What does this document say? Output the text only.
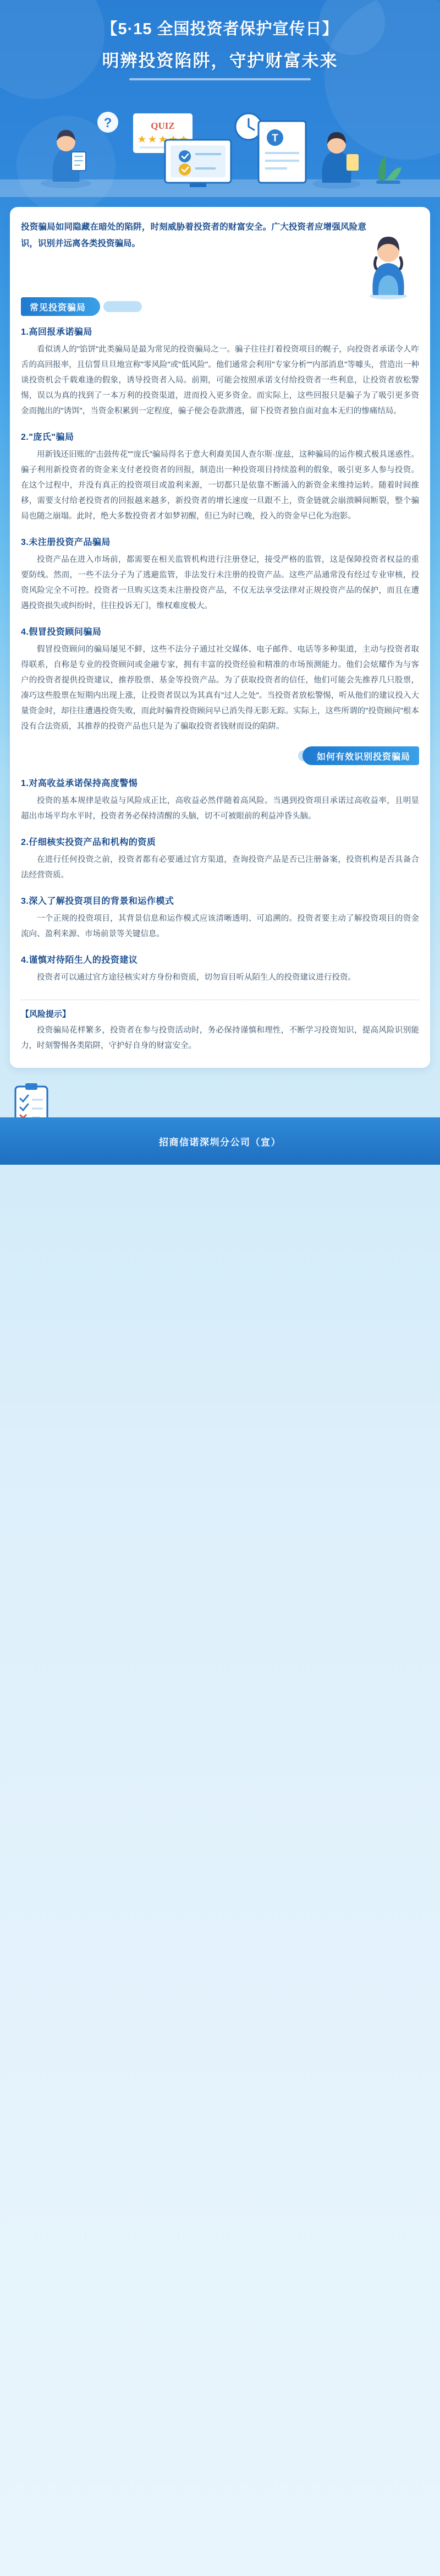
【5·15 全国投资者保护宣传日】
明辨投资陷阱，守护财富未来
?	QUIZ
T
投资骗局如同隐藏在暗处的陷阱，时刻威胁着投资者的财富安全。广大投资者应增强风险意识，识别并远离各类投资骗局。
常见投资骗局
1.高回报承诺骗局

看似诱人的"馅饼"此类骗局是最为常见的投资骗局之一。骗子往往打着投资项目的幌子，向投资者承诺令人咋舌的高回报率，且信誓旦旦地宣称"零风险"或"低风险"。他们通常会利用"专家分析""内部消息"等噱头，营造出一种谈投资机会千载难逢的假象，诱导投资者入局。前期，可能会按照承诺支付给投资者一些利息，让投资者放松警惕，误以为真的找到了一本万利的投资渠道，进而投入更多资金。而实际上，这些回报只是骗子为了吸引更多资金而抛出的"诱饵"，当资金积累到一定程度，骗子便会卷款潜逃，留下投资者独自面对血本无归的惨痛结局。

2."庞氏"骗局

用新钱还旧账的"击鼓传花""庞氏"骗局得名于意大利裔美国人查尔斯·庞兹，这种骗局的运作模式极具迷惑性。骗子利用新投资者的资金来支付老投资者的回报，制造出一种投资项目持续盈利的假象，吸引更多人参与投资。在这个过程中，并没有真正的投资项目或盈利来源，一切都只是依靠不断涌入的新资金来维持运转。随着时间推移，需要支付给老投资者的回报越来越多，新投资者的增长速度一旦跟不上，资金链就会崩溃瞬间断裂，整个骗局也随之崩塌。此时，绝大多数投资者才如梦初醒，但已为时已晚，投入的资金早已化为泡影。

3.未注册投资产品骗局

投资产品在进入市场前，都需要在相关监管机构进行注册登记，接受严格的监管，这是保障投资者权益的重要防线。然而，一些不法分子为了逃避监管，非法发行未注册的投资产品。这些产品通常没有经过专业审核，投资风险完全不可控。投资者一旦购买这类未注册投资产品，不仅无法享受法律对正规投资产品的保护，而且在遭遇投资损失或纠纷时，往往投诉无门，维权难度极大。

4.假冒投资顾问骗局

假冒投资顾问的骗局屡见不鲜，这些不法分子通过社交媒体、电子邮件、电话等多种渠道，主动与投资者取得联系，自称是专业的投资顾问或金融专家，拥有丰富的投资经验和精准的市场预测能力。他们会炫耀作为与客户的投资者提供投资建议，推荐股票、基金等投资产品。为了获取投资者的信任，他们可能会先推荐几只股票，凑巧这些股票在短期内出现上涨，让投资者误以为其真有"过人之处"。当投资者放松警惕，听从他们的建议投入大量资金时，却往往遭遇投资失败，而此时骗背投资顾问早已消失得无影无踪。实际上，这些所谓的"投资顾问"根本没有合法资质，其推荐的投资产品也只是为了骗取投资者钱财而设的陷阱。

如何有效识别投资骗局
1.对高收益承诺保持高度警惕

投资的基本规律是收益与风险成正比，高收益必然伴随着高风险。当遇到投资项目承诺过高收益率，且明显超出市场平均水平时，投资者务必保持清醒的头脑，切不可被眼前的利益冲昏头脑。

2.仔细核实投资产品和机构的资质

在进行任何投资之前，投资者都有必要通过官方渠道，查询投资产品是否已注册备案，投资机构是否具备合法经营资质。

3.深入了解投资项目的背景和运作模式

一个正规的投资项目，其背景信息和运作模式应该清晰透明、可追溯的。投资者要主动了解投资项目的资金流向、盈利来源、市场前景等关键信息。

4.谨慎对待陌生人的投资建议

投资者可以通过官方途径核实对方身份和资质，切勿盲目听从陌生人的投资建议进行投资。

【风险提示】

投资骗局花样繁多，投资者在参与投资活动时，务必保持谨慎和理性，不断学习投资知识，提高风险识别能力，时刻警惕各类陷阱，守护好自身的财富安全。

招商信诺深圳分公司（宣）
